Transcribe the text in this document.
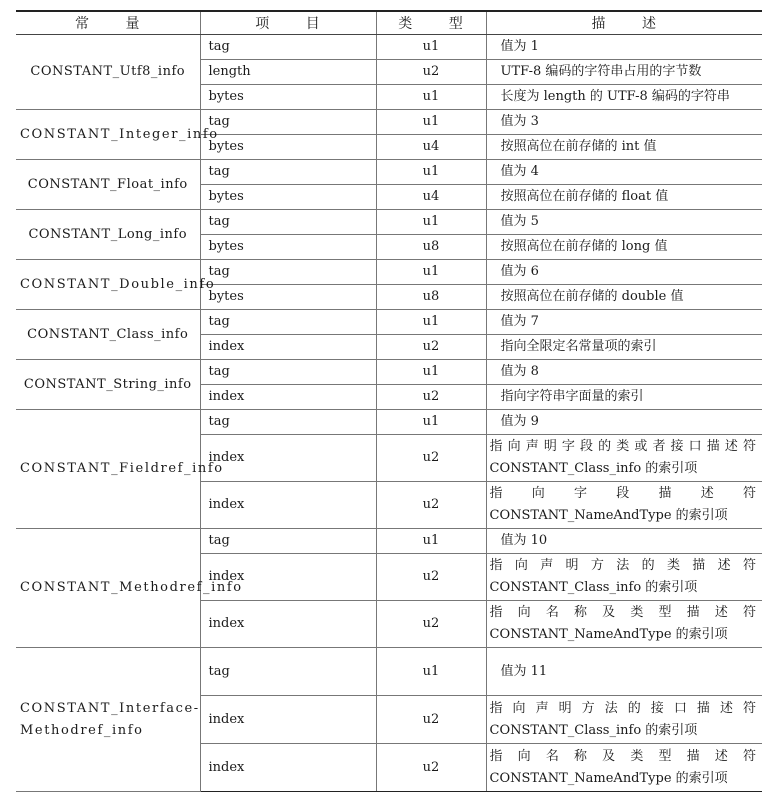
常 量	项 目	类 型	描 述
CONSTANT_Utf8_info	tag	u1	值为 1
	length	u2	UTF-8 编码的字符串占用的字节数
	bytes	u1	长度为 length 的 UTF-8 编码的字符串
CONSTANT_Integer_info	tag	u1	值为 3
	bytes	u4	按照高位在前存储的 int 值
CONSTANT_Float_info	tag	u1	值为 4
	bytes	u4	按照高位在前存储的 float 值
CONSTANT_Long_info	tag	u1	值为 5
	bytes	u8	按照高位在前存储的 long 值
CONSTANT_Double_info	tag	u1	值为 6
	bytes	u8	按照高位在前存储的 double 值
CONSTANT_Class_info	tag	u1	值为 7
	index	u2	指向全限定名常量项的索引
CONSTANT_String_info	tag	u1	值为 8
	index	u2	指向字符串字面量的索引
CONSTANT_Fieldref_info	tag	u1	值为 9
	index	u2	指向声明字段的类或者接口描述符 CONSTANT_Class_info 的索引项
	index	u2	指向字段描述符 CONSTANT_NameAndType 的索引项
CONSTANT_Methodref_info	tag	u1	值为 10
	index	u2	指向声明方法的类描述符 CONSTANT_Class_info 的索引项
	index	u2	指向名称及类型描述符 CONSTANT_NameAndType 的索引项
CONSTANT_Interface-Methodref_info	tag	u1	值为 11
	index	u2	指向声明方法的接口描述符 CONSTANT_Class_info 的索引项
	index	u2	指向名称及类型描述符 CONSTANT_NameAndType 的索引项
